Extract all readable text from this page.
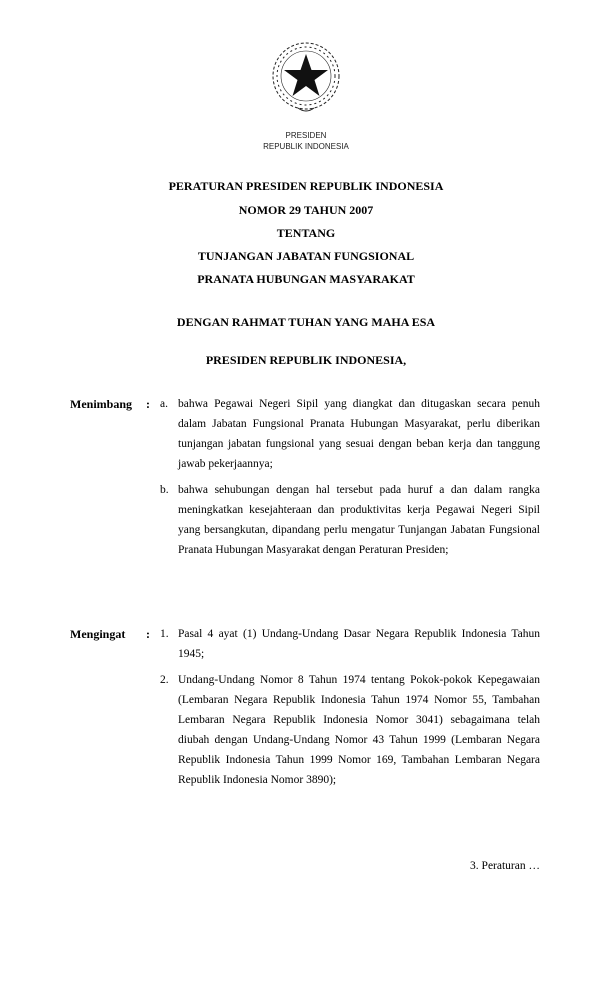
PRESIDEN
REPUBLIK INDONESIA
PERATURAN PRESIDEN REPUBLIK INDONESIA
NOMOR 29 TAHUN 2007
TENTANG
TUNJANGAN JABATAN FUNGSIONAL
PRANATA HUBUNGAN MASYARAKAT
DENGAN RAHMAT TUHAN YANG MAHA ESA
PRESIDEN REPUBLIK INDONESIA,
Menimbang	: a. bahwa Pegawai Negeri Sipil yang diangkat dan ditugaskan secara penuh dalam Jabatan Fungsional Pranata Hubungan Masyarakat, perlu diberikan tunjangan jabatan fungsional yang sesuai dengan beban kerja dan tanggung jawab pekerjaannya;

b. bahwa sehubungan dengan hal tersebut pada huruf a dan dalam rangka meningkatkan kesejahteraan dan produktivitas kerja Pegawai Negeri Sipil yang bersangkutan, dipandang perlu mengatur Tunjangan Jabatan Fungsional Pranata Hubungan Masyarakat dengan Peraturan Presiden;

Mengingat	: 1. Pasal 4 ayat (1) Undang-Undang Dasar Negara Republik Indonesia Tahun 1945;

2. Undang-Undang Nomor 8 Tahun 1974 tentang Pokok-pokok Kepegawaian (Lembaran Negara Republik Indonesia Tahun 1974 Nomor 55, Tambahan Lembaran Negara Republik Indonesia Nomor 3041) sebagaimana telah diubah dengan Undang-Undang Nomor 43 Tahun 1999 (Lembaran Negara Republik Indonesia Tahun 1999 Nomor 169, Tambahan Lembaran Negara Republik Indonesia Nomor 3890);

3. Peraturan …
